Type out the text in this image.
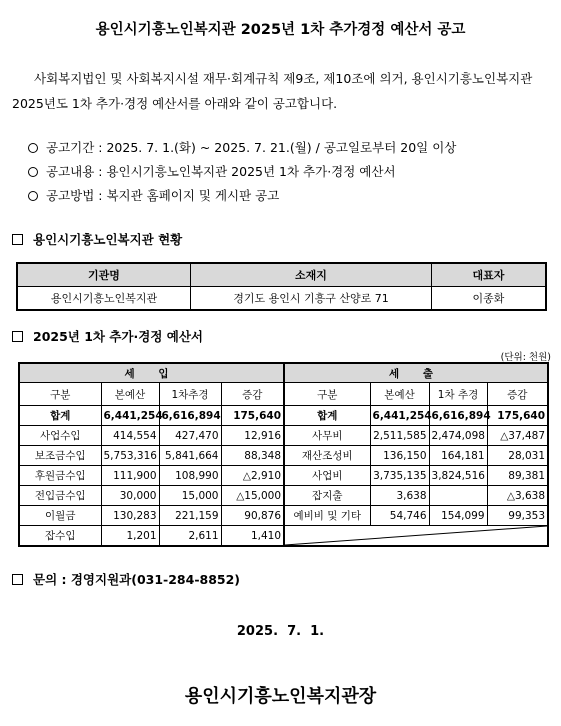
용인시기흥노인복지관 2025년 1차 추가경정 예산서 공고

사회복지법인 및 사회복지시설 재무·회계규칙 제9조, 제10조에 의거, 용인시기흥노인복지관 2025년도 1차 추가·경정 예산서를 아래와 같이 공고합니다.

공고기간 : 2025. 7. 1.(화) ~ 2025. 7. 21.(월) / 공고일로부터 20일 이상
공고내용 : 용인시기흥노인복지관 2025년 1차 추가·경정 예산서
공고방법 : 복지관 홈페이지 및 게시판 공고
용인시기흥노인복지관 현황
기관명	소재지	대표자
용인시기흥노인복지관	경기도 용인시 기흥구 산양로 71	이종화
2025년 1차 추가·경정 예산서
(단위: 천원)
세 입				세 출			
구분	본예산	1차추경	증감	구분	본예산	1차 추경	증감
합계	6,441,254	6,616,894	175,640	합계	6,441,254	6,616,894	175,640
사업수입	414,554	427,470	12,916	사무비	2,511,585	2,474,098	△37,487
보조금수입	5,753,316	5,841,664	88,348	재산조성비	136,150	164,181	28,031
후원금수입	111,900	108,990	△2,910	사업비	3,735,135	3,824,516	89,381
전입금수입	30,000	15,000	△15,000	잡지출	3,638		△3,638
이월금	130,283	221,159	90,876	예비비 및 기타	54,746	154,099	99,353
잡수입	1,201	2,611	1,410	
문의 : 경영지원과(031-284-8852)
2025.  7.  1.
용인시기흥노인복지관장
